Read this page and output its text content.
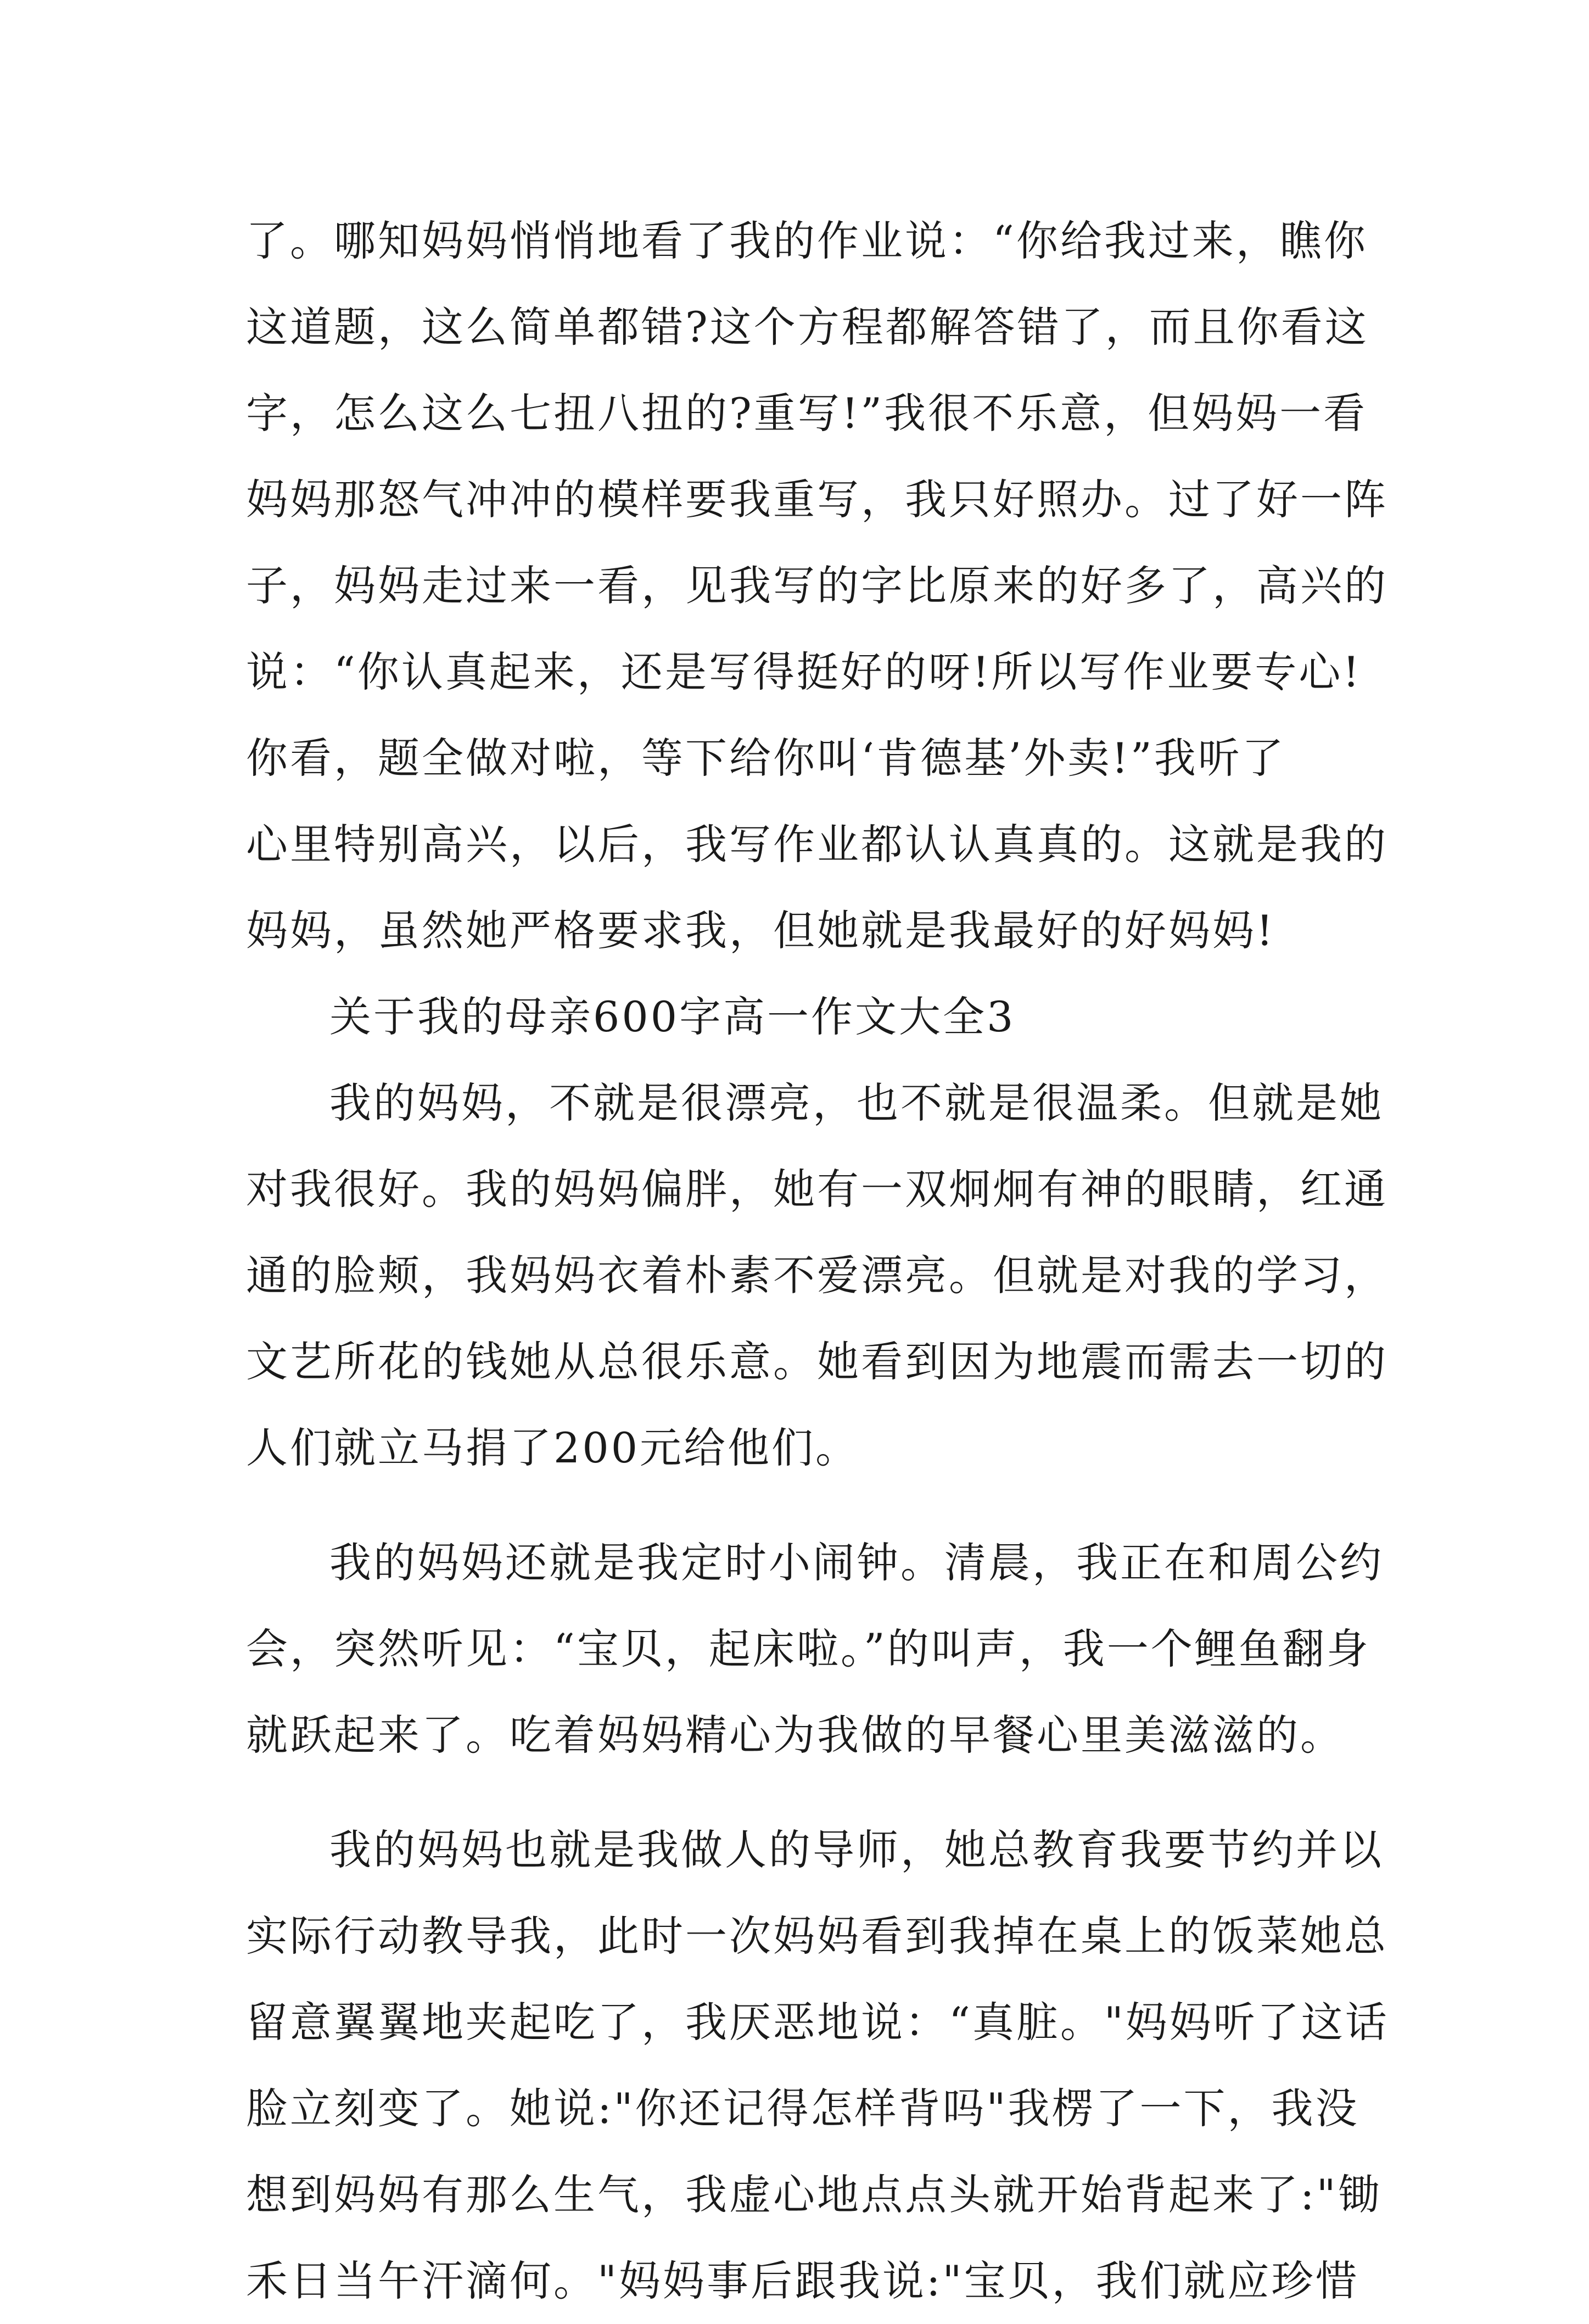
了。哪知妈妈悄悄地看了我的作业说：“你给我过来，瞧你
这道题，这么简单都错?这个方程都解答错了，而且你看这
字，怎么这么七扭八扭的?重写!”我很不乐意，但妈妈一看
妈妈那怒气冲冲的模样要我重写，我只好照办。过了好一阵
子，妈妈走过来一看，见我写的字比原来的好多了，高兴的
说：“你认真起来，还是写得挺好的呀!所以写作业要专心!
你看，题全做对啦，等下给你叫‘肯德基’外卖!”我听了
心里特别高兴，以后，我写作业都认认真真的。这就是我的
妈妈，虽然她严格要求我，但她就是我最好的好妈妈!
关于我的母亲600字高一作文大全3
我的妈妈，不就是很漂亮，也不就是很温柔。但就是她
对我很好。我的妈妈偏胖，她有一双炯炯有神的眼睛，红通
通的脸颊，我妈妈衣着朴素不爱漂亮。但就是对我的学习，
文艺所花的钱她从总很乐意。她看到因为地震而需去一切的
人们就立马捐了200元给他们。
我的妈妈还就是我定时小闹钟。清晨，我正在和周公约
会，突然听见：“宝贝，起床啦。”的叫声，我一个鲤鱼翻身
就跃起来了。吃着妈妈精心为我做的早餐心里美滋滋的。
我的妈妈也就是我做人的导师，她总教育我要节约并以
实际行动教导我，此时一次妈妈看到我掉在桌上的饭菜她总
留意翼翼地夹起吃了，我厌恶地说：“真脏。"妈妈听了这话
脸立刻变了。她说:"你还记得怎样背吗"我楞了一下，我没
想到妈妈有那么生气，我虚心地点点头就开始背起来了:"锄
禾日当午汗滴何。"妈妈事后跟我说:"宝贝，我们就应珍惜
